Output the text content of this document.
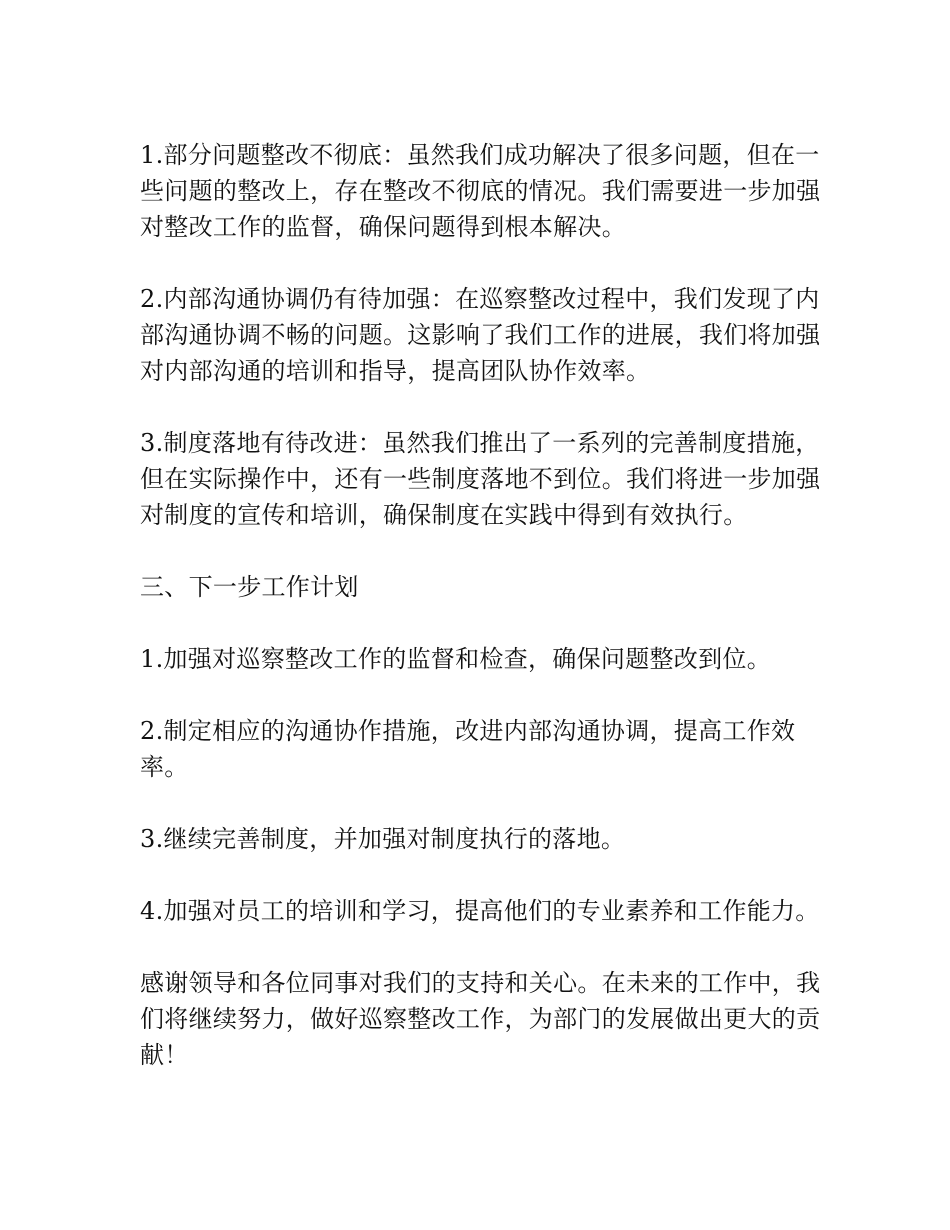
1.部分问题整改不彻底：虽然我们成功解决了很多问题，但在一些问题的整改上，存在整改不彻底的情况。我们需要进一步加强对整改工作的监督，确保问题得到根本解决。

2.内部沟通协调仍有待加强：在巡察整改过程中，我们发现了内部沟通协调不畅的问题。这影响了我们工作的进展，我们将加强对内部沟通的培训和指导，提高团队协作效率。

3.制度落地有待改进：虽然我们推出了一系列的完善制度措施，但在实际操作中，还有一些制度落地不到位。我们将进一步加强对制度的宣传和培训，确保制度在实践中得到有效执行。

三、下一步工作计划

1.加强对巡察整改工作的监督和检查，确保问题整改到位。

2.制定相应的沟通协作措施，改进内部沟通协调，提高工作效率。

3.继续完善制度，并加强对制度执行的落地。

4.加强对员工的培训和学习，提高他们的专业素养和工作能力。

感谢领导和各位同事对我们的支持和关心。在未来的工作中，我们将继续努力，做好巡察整改工作，为部门的发展做出更大的贡献！
